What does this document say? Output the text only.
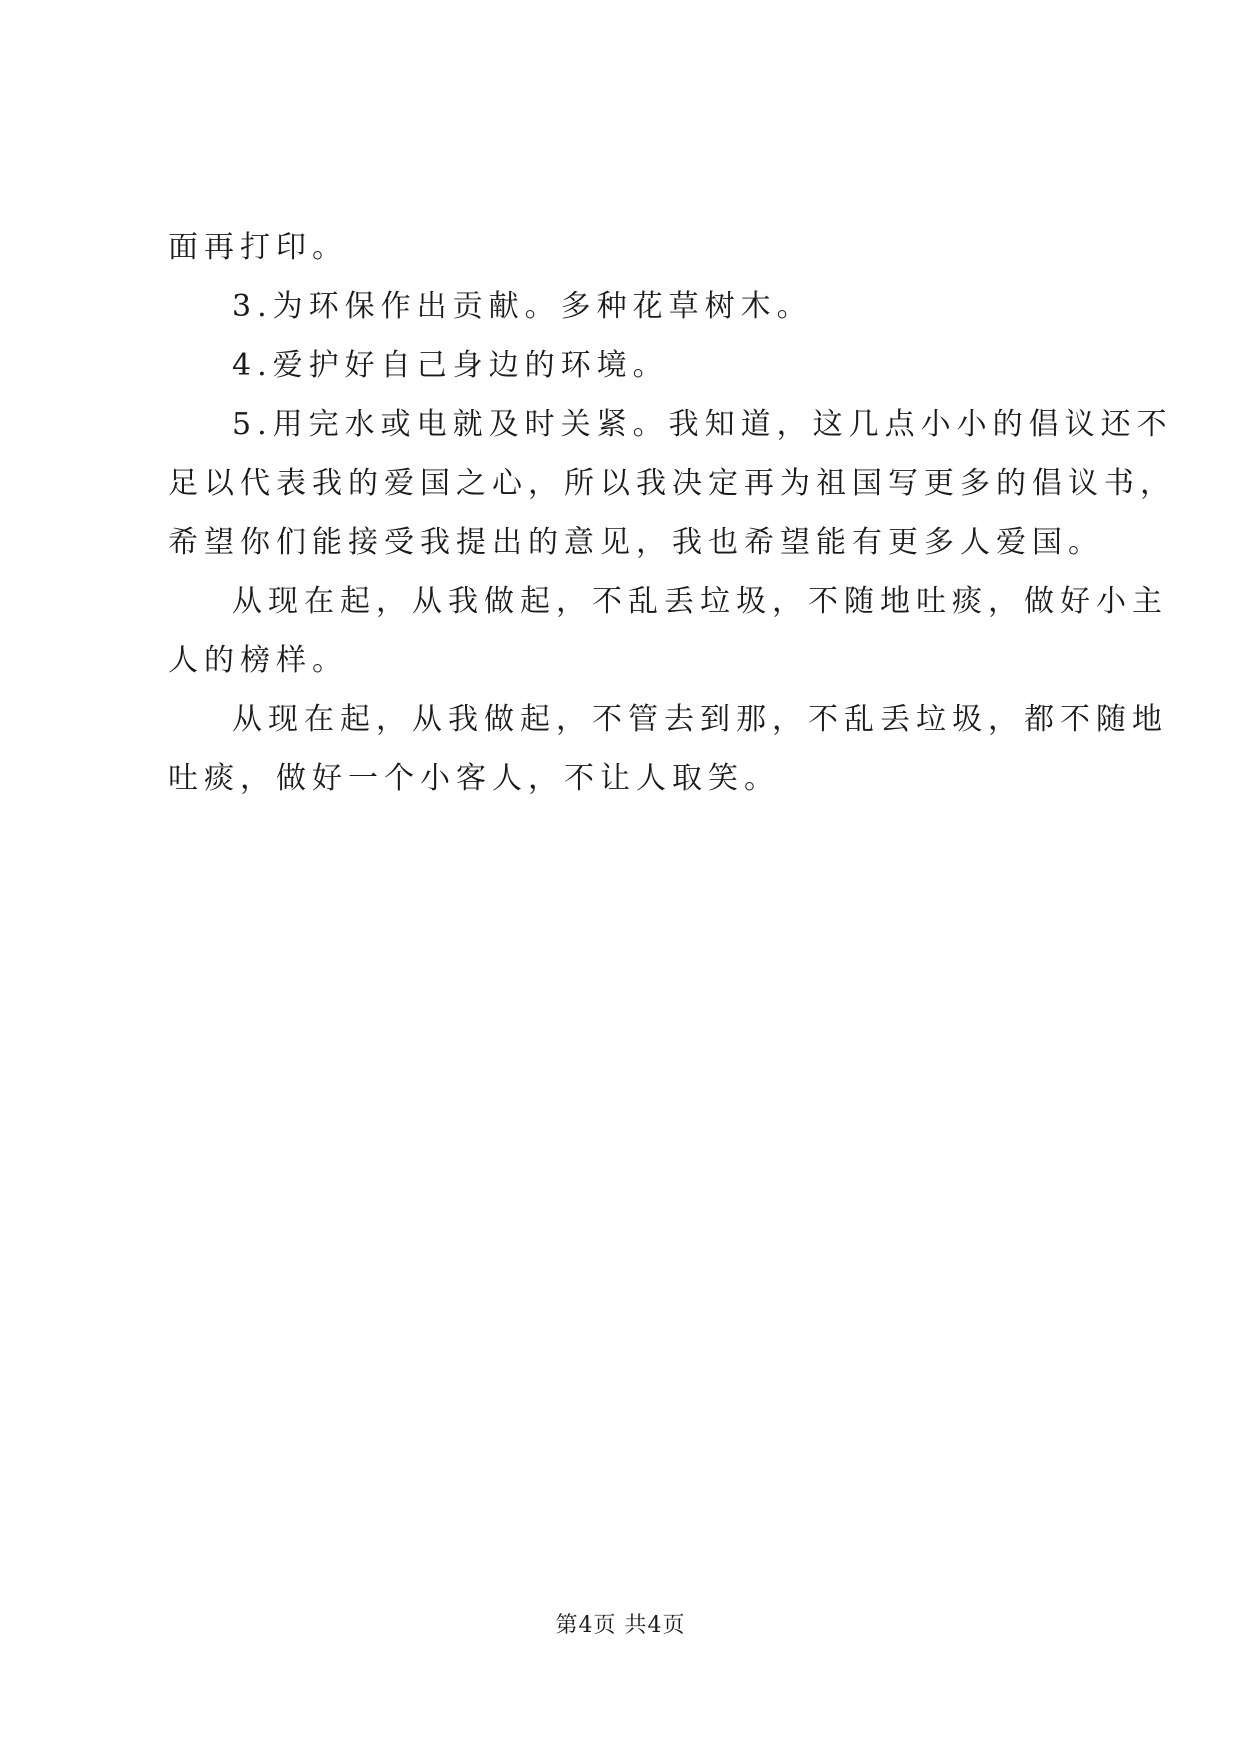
面再打印。
3.为环保作出贡献。多种花草树木。
4.爱护好自己身边的环境。
5.用完水或电就及时关紧。我知道，这几点小小的倡议还不
足以代表我的爱国之心，所以我决定再为祖国写更多的倡议书，
希望你们能接受我提出的意见，我也希望能有更多人爱国。
从现在起，从我做起，不乱丢垃圾，不随地吐痰，做好小主
人的榜样。
从现在起，从我做起，不管去到那，不乱丢垃圾，都不随地
吐痰，做好一个小客人，不让人取笑。
第4页 共4页
